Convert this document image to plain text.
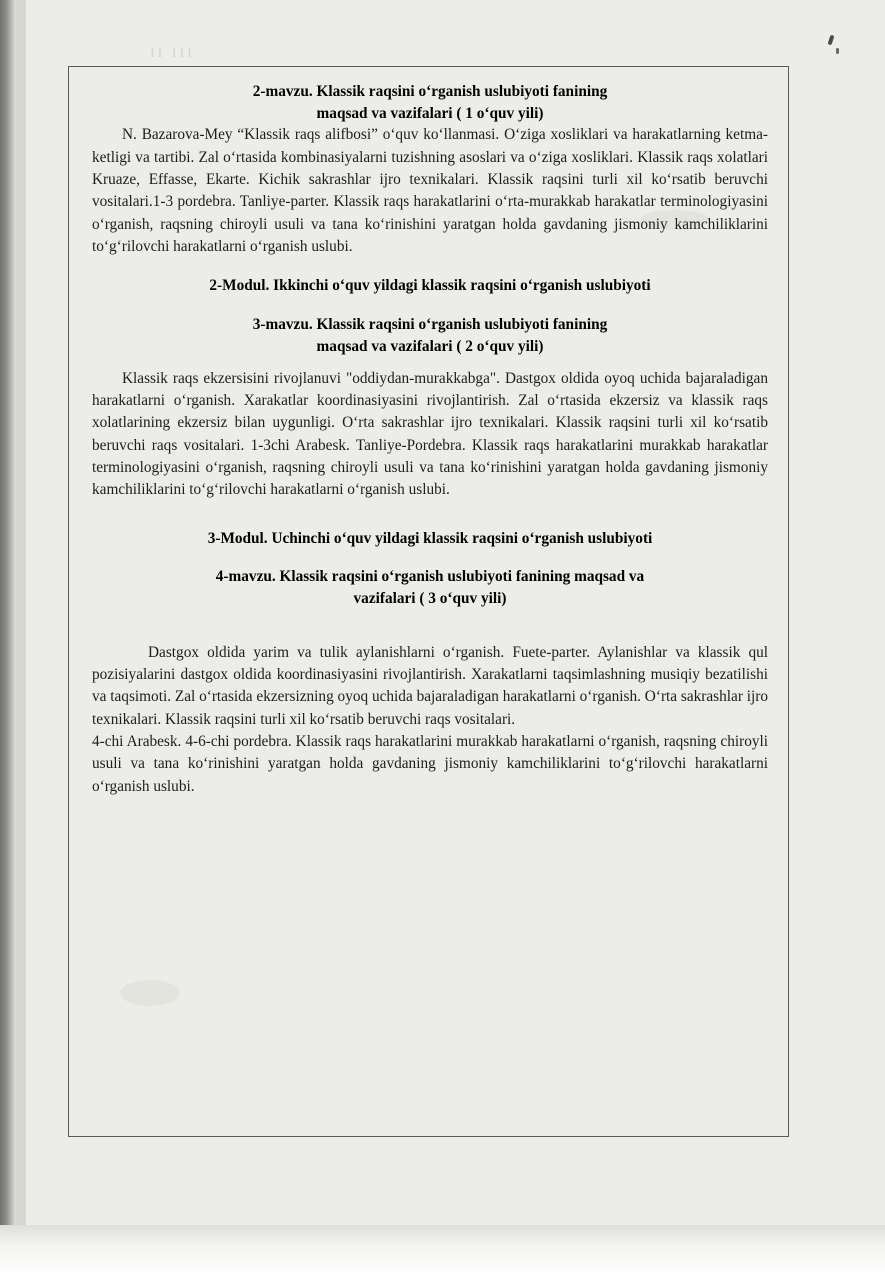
II III
2-mavzu. Klassik raqsini o‘rganish uslubiyoti fanining
maqsad va vazifalari ( 1 o‘quv yili)

N. Bazarova-Mey “Klassik raqs alifbosi” o‘quv ko‘llanmasi. O‘ziga xosliklari va harakatlarning ketma-ketligi va tartibi. Zal o‘rtasida kombinasiyalarni tuzishning asoslari va o‘ziga xosliklari. Klassik raqs xolatlari Kruaze, Effasse, Ekarte. Kichik sakrashlar ijro texnikalari. Klassik raqsini turli xil ko‘rsatib beruvchi vositalari.1-3 pordebra. Tanliye-parter. Klassik raqs harakatlarini o‘rta-murakkab harakatlar terminologiyasini o‘rganish, raqsning chiroyli usuli va tana ko‘rinishini yaratgan holda gavdaning jismoniy kamchiliklarini to‘g‘rilovchi harakatlarni o‘rganish uslubi.

2-Modul. Ikkinchi o‘quv yildagi klassik raqsini o‘rganish uslubiyoti
3-mavzu. Klassik raqsini o‘rganish uslubiyoti fanining
maqsad va vazifalari ( 2 o‘quv yili)

Klassik raqs ekzersisini rivojlanuvi "oddiydan-murakkabga". Dastgox oldida oyoq uchida bajaraladigan harakatlarni o‘rganish. Xarakatlar koordinasiyasini rivojlantirish. Zal o‘rtasida ekzersiz va klassik raqs xolatlarining ekzersiz bilan uygunligi. O‘rta sakrashlar ijro texnikalari. Klassik raqsini turli xil ko‘rsatib beruvchi raqs vositalari. 1-3chi Arabesk. Tanliye-Pordebra. Klassik raqs harakatlarini murakkab harakatlar terminologiyasini o‘rganish, raqsning chiroyli usuli va tana ko‘rinishini yaratgan holda gavdaning jismoniy kamchiliklarini to‘g‘rilovchi harakatlarni o‘rganish uslubi.

3-Modul. Uchinchi o‘quv yildagi klassik raqsini o‘rganish uslubiyoti
4-mavzu. Klassik raqsini o‘rganish uslubiyoti fanining maqsad va
vazifalari ( 3 o‘quv yili)

Dastgox oldida yarim va tulik aylanishlarni o‘rganish. Fuete-parter. Aylanishlar va klassik qul pozisiyalarini dastgox oldida koordinasiyasini rivojlantirish. Xarakatlarni taqsimlashning musiqiy bezatilishi va taqsimoti. Zal o‘rtasida ekzersizning oyoq uchida bajaraladigan harakatlarni o‘rganish. O‘rta sakrashlar ijro texnikalari. Klassik raqsini turli xil ko‘rsatib beruvchi raqs vositalari.

4-chi Arabesk. 4-6-chi pordebra. Klassik raqs harakatlarini murakkab harakatlarni o‘rganish, raqsning chiroyli usuli va tana ko‘rinishini yaratgan holda gavdaning jismoniy kamchiliklarini to‘g‘rilovchi harakatlarni o‘rganish uslubi.
